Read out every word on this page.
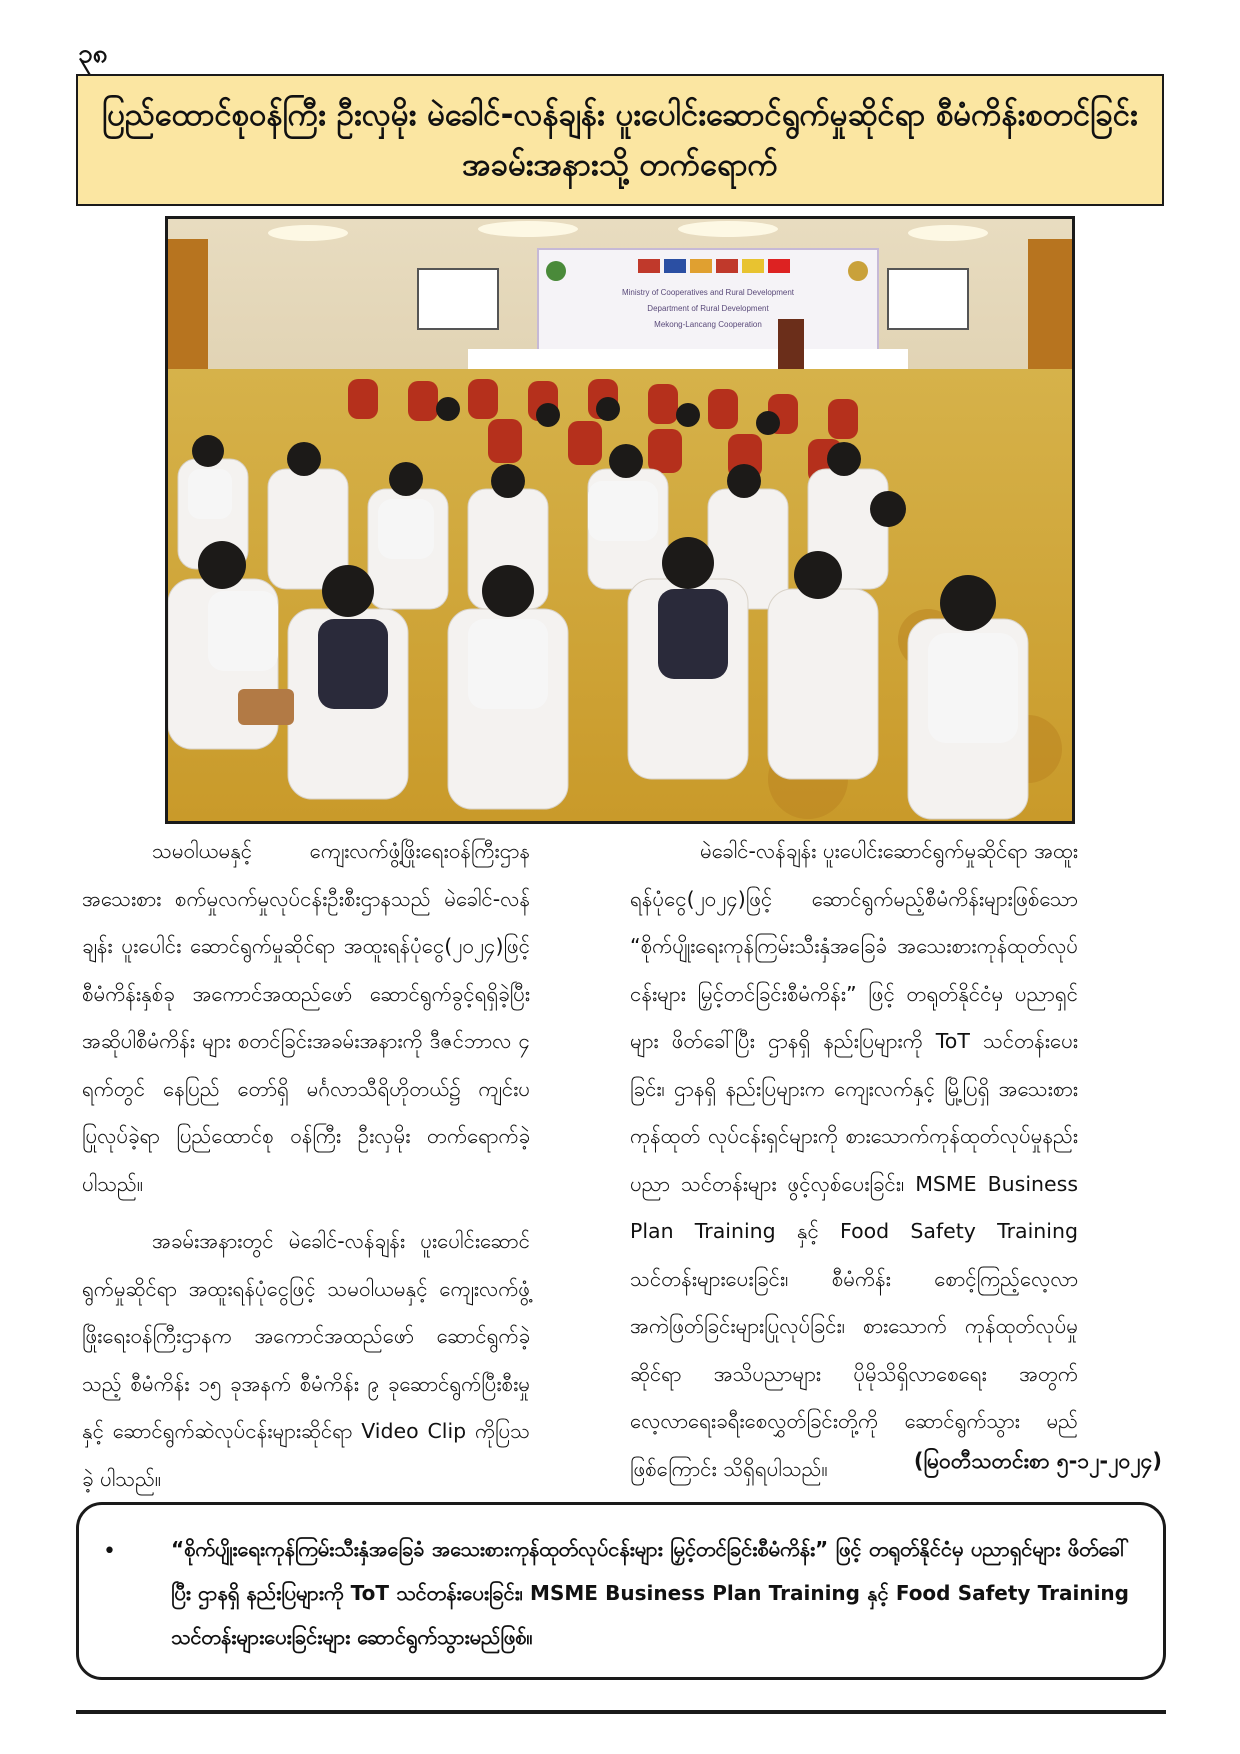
၃၈
ပြည်ထောင်စုဝန်ကြီး ဦးလှမိုး မဲခေါင်-လန်ချန်း ပူးပေါင်းဆောင်ရွက်မှုဆိုင်ရာ စီမံကိန်းစတင်ခြင်း
အခမ်းအနားသို့ တက်ရောက်
Ministry of Cooperatives and Rural Development
Department of Rural Development
Mekong-Lancang Cooperation

သမဝါယမနှင့် ကျေးလက်ဖွံ့ဖြိုးရေးဝန်ကြီးဌာန အသေးစား စက်မှုလက်မှုလုပ်ငန်းဦးစီးဌာနသည် မဲခေါင်-လန်ချန်း ပူးပေါင်း ဆောင်ရွက်မှုဆိုင်ရာ အထူးရန်ပုံငွေ(၂၀၂၄)ဖြင့် စီမံကိန်းနှစ်ခု အကောင်အထည်ဖော် ဆောင်ရွက်ခွင့်ရရှိခဲ့ပြီး အဆိုပါစီမံကိန်း များ စတင်ခြင်းအခမ်းအနားကို ဒီဇင်ဘာလ ၄ ရက်တွင် နေပြည် တော်ရှိ မင်္ဂလာသီရိဟိုတယ်၌ ကျင်းပပြုလုပ်ခဲ့ရာ ပြည်ထောင်စု ဝန်ကြီး ဦးလှမိုး တက်ရောက်ခဲ့ပါသည်။

အခမ်းအနားတွင် မဲခေါင်-လန်ချန်း ပူးပေါင်းဆောင် ရွက်မှုဆိုင်ရာ အထူးရန်ပုံငွေဖြင့် သမဝါယမနှင့် ကျေးလက်ဖွံ့ ဖြိုးရေးဝန်ကြီးဌာနက အကောင်အထည်ဖော် ဆောင်ရွက်ခဲ့ သည့် စီမံကိန်း ၁၅ ခုအနက် စီမံကိန်း ၉ ခုဆောင်ရွက်ပြီးစီးမှု နှင့် ဆောင်ရွက်ဆဲလုပ်ငန်းများဆိုင်ရာ Video Clip ကိုပြသခဲ့ ပါသည်။

မဲခေါင်-လန်ချန်း ပူးပေါင်းဆောင်ရွက်မှုဆိုင်ရာ အထူး ရန်ပုံငွေ(၂၀၂၄)ဖြင့် ဆောင်ရွက်မည့်စီမံကိန်းများဖြစ်သော “စိုက်ပျိုးရေးကုန်ကြမ်းသီးနှံအခြေခံ အသေးစားကုန်ထုတ်လုပ် ငန်းများ မြှင့်တင်ခြင်းစီမံကိန်း” ဖြင့် တရုတ်နိုင်ငံမှ ပညာရှင်များ ဖိတ်ခေါ်ပြီး ဌာနရှိ နည်းပြများကို ToT သင်တန်းပေးခြင်း၊ ဌာနရှိ နည်းပြများက ကျေးလက်နှင့် မြို့ပြရှိ အသေးစားကုန်ထုတ် လုပ်ငန်းရှင်များကို စားသောက်ကုန်ထုတ်လုပ်မှုနည်းပညာ သင်တန်းများ ဖွင့်လှစ်ပေးခြင်း၊ MSME Business Plan Training နှင့် Food Safety Training သင်တန်းများပေးခြင်း၊ စီမံကိန်း စောင့်ကြည့်လေ့လာ အကဲဖြတ်ခြင်းများပြုလုပ်ခြင်း၊ စားသောက် ကုန်ထုတ်လုပ်မှုဆိုင်ရာ အသိပညာများ ပိုမိုသိရှိလာစေရေး အတွက် လေ့လာရေးခရီးစေလွှတ်ခြင်းတို့ကို ဆောင်ရွက်သွား မည်ဖြစ်ကြောင်း သိရှိရပါသည်။	(မြဝတီသတင်းစာ ၅-၁၂-၂၀၂၄)
•	“စိုက်ပျိုးရေးကုန်ကြမ်းသီးနှံအခြေခံ အသေးစားကုန်ထုတ်လုပ်ငန်းများ မြှင့်တင်ခြင်းစီမံကိန်း” ဖြင့် တရုတ်နိုင်ငံမှ ပညာရှင်များ ဖိတ်ခေါ်ပြီး ဌာနရှိ နည်းပြများကို ToT သင်တန်းပေးခြင်း၊ MSME Business Plan Training နှင့် Food Safety Training သင်တန်းများပေးခြင်းများ ဆောင်ရွက်သွားမည်ဖြစ်။
